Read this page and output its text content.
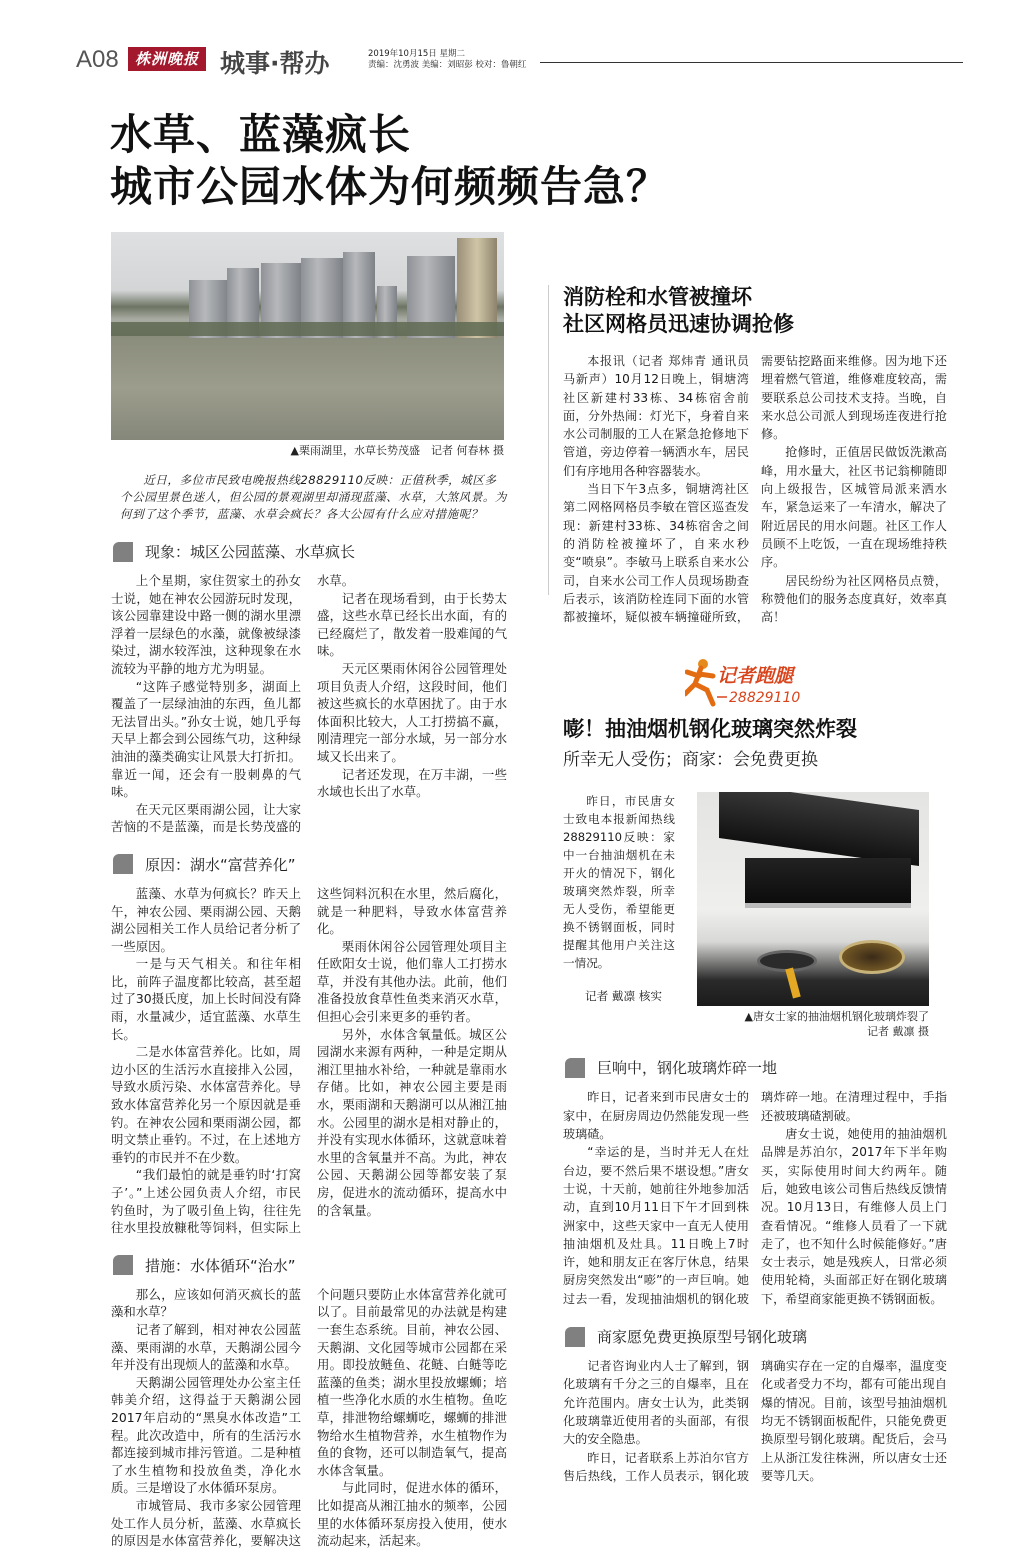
A08	株洲晚报 城事·帮办	2019年10月15日 星期二
责编：沈勇波 美编：刘昭彭 校对：鲁朝红
水草、蓝藻疯长
城市公园水体为何频频告急？
▲栗雨湖里，水草长势茂盛　记者 何春林 摄
近日，多位市民致电晚报热线28829110反映：正值秋季，城区多个公园里景色迷人，但公园的景观湖里却涌现蓝藻、水草，大煞风景。为何到了这个季节，蓝藻、水草会疯长？各大公园有什么应对措施呢？
现象：城区公园蓝藻、水草疯长

上个星期，家住贺家土的孙女士说，她在神农公园游玩时发现，该公园靠建设中路一侧的湖水里漂浮着一层绿色的水藻，就像被绿漆染过，湖水较浑浊，这种现象在水流较为平静的地方尤为明显。

“这阵子感觉特别多，湖面上覆盖了一层绿油油的东西，鱼儿都无法冒出头。”孙女士说，她几乎每天早上都会到公园练气功，这种绿油油的藻类确实让风景大打折扣。靠近一闻，还会有一股刺鼻的气味。

在天元区栗雨湖公园，让大家苦恼的不是蓝藻，而是长势茂盛的水草。

记者在现场看到，由于长势太盛，这些水草已经长出水面，有的已经腐烂了，散发着一股难闻的气味。

天元区栗雨休闲谷公园管理处项目负责人介绍，这段时间，他们被这些疯长的水草困扰了。由于水体面积比较大，人工打捞搞不赢，刚清理完一部分水域，另一部分水域又长出来了。

记者还发现，在万丰湖，一些水域也长出了水草。

原因：湖水“富营养化”

蓝藻、水草为何疯长？昨天上午，神农公园、栗雨湖公园、天鹅湖公园相关工作人员给记者分析了一些原因。

一是与天气相关。和往年相比，前阵子温度都比较高，甚至超过了30摄氏度，加上长时间没有降雨，水量减少，适宜蓝藻、水草生长。

二是水体富营养化。比如，周边小区的生活污水直接排入公园，导致水质污染、水体富营养化。导致水体富营养化另一个原因就是垂钓。在神农公园和栗雨湖公园，都明文禁止垂钓。不过，在上述地方垂钓的市民并不在少数。

“我们最怕的就是垂钓时‘打窝子’。”上述公园负责人介绍，市民钓鱼时，为了吸引鱼上钩，往往先往水里投放糠秕等饲料，但实际上这些饲料沉积在水里，然后腐化，就是一种肥料，导致水体富营养化。

栗雨休闲谷公园管理处项目主任欧阳女士说，他们靠人工打捞水草，并没有其他办法。此前，他们准备投放食草性鱼类来消灭水草，但担心会引来更多的垂钓者。

另外，水体含氧量低。城区公园湖水来源有两种，一种是定期从湘江里抽水补给，一种就是靠雨水存储。比如，神农公园主要是雨水，栗雨湖和天鹅湖可以从湘江抽水。公园里的湖水是相对静止的，并没有实现水体循环，这就意味着水里的含氧量并不高。为此，神农公园、天鹅湖公园等都安装了泵房，促进水的流动循环，提高水中的含氧量。

措施：水体循环“治水”

那么，应该如何消灭疯长的蓝藻和水草？

记者了解到，相对神农公园蓝藻、栗雨湖的水草，天鹅湖公园今年并没有出现烦人的蓝藻和水草。

天鹅湖公园管理处办公室主任韩美介绍，这得益于天鹅湖公园2017年启动的“黑臭水体改造”工程。此次改造中，所有的生活污水都连接到城市排污管道。二是种植了水生植物和投放鱼类，净化水质。三是增设了水体循环泵房。

市城管局、我市多家公园管理处工作人员分析，蓝藻、水草疯长的原因是水体富营养化，要解决这个问题只要防止水体富营养化就可以了。目前最常见的办法就是构建一套生态系统。目前，神农公园、天鹅湖、文化园等城市公园都在采用。即投放鲢鱼、花鲢、白鲢等吃蓝藻的鱼类；湖水里投放螺蛳；培植一些净化水质的水生植物。鱼吃草，排泄物给螺蛳吃，螺蛳的排泄物给水生植物营养，水生植物作为鱼的食物，还可以制造氧气，提高水体含氧量。

与此同时，促进水体的循环，比如提高从湘江抽水的频率，公园里的水体循环泵房投入使用，使水流动起来，活起来。

消防栓和水管被撞坏
社区网格员迅速协调抢修

本报讯（记者 郑炜青 通讯员 马新声）10月12日晚上，铜塘湾社区新建村33栋、34栋宿舍前面，分外热闹：灯光下，身着自来水公司制服的工人在紧急抢修地下管道，旁边停着一辆洒水车，居民们有序地用各种容器装水。

当日下午3点多，铜塘湾社区第二网格网格员李敏在管区巡查发现：新建村33栋、34栋宿舍之间的消防栓被撞坏了，自来水秒变“喷泉”。李敏马上联系自来水公司，自来水公司工作人员现场勘查后表示，该消防栓连同下面的水管都被撞坏，疑似被车辆撞碰所致，需要钻挖路面来维修。因为地下还埋着燃气管道，维修难度较高，需要联系总公司技术支持。当晚，自来水总公司派人到现场连夜进行抢修。

抢修时，正值居民做饭洗漱高峰，用水量大，社区书记翁柳随即向上级报告，区城管局派来洒水车，紧急运来了一车清水，解决了附近居民的用水问题。社区工作人员顾不上吃饭，一直在现场维持秩序。

居民纷纷为社区网格员点赞，称赞他们的服务态度真好，效率真高！

记者跑腿
28829110
嘭！抽油烟机钢化玻璃突然炸裂
所幸无人受伤；商家：会免费更换
昨日，市民唐女士致电本报新闻热线28829110反映：家中一台抽油烟机在未开火的情况下，钢化玻璃突然炸裂，所幸无人受伤，希望能更换不锈钢面板，同时提醒其他用户关注这一情况。
记者 戴凛 核实
▲唐女士家的抽油烟机钢化玻璃炸裂了
记者 戴凛 摄
巨响中，钢化玻璃炸碎一地

昨日，记者来到市民唐女士的家中，在厨房周边仍然能发现一些玻璃碴。

“幸运的是，当时并无人在灶台边，要不然后果不堪设想。”唐女士说，十天前，她前往外地参加活动，直到10月11日下午才回到株洲家中，这些天家中一直无人使用抽油烟机及灶具。11日晚上7时许，她和朋友正在客厅休息，结果厨房突然发出“嘭”的一声巨响。她过去一看，发现抽油烟机的钢化玻璃炸碎一地。在清理过程中，手指还被玻璃碴割破。

唐女士说，她使用的抽油烟机品牌是苏泊尔，2017年下半年购买，实际使用时间大约两年。随后，她致电该公司售后热线反馈情况。10月13日，有维修人员上门查看情况。“维修人员看了一下就走了，也不知什么时候能修好。”唐女士表示，她是残疾人，日常必须使用轮椅，头面部正好在钢化玻璃下，希望商家能更换不锈钢面板。

商家愿免费更换原型号钢化玻璃

记者咨询业内人士了解到，钢化玻璃有千分之三的自爆率，且在允许范围内。唐女士认为，此类钢化玻璃靠近使用者的头面部，有很大的安全隐患。

昨日，记者联系上苏泊尔官方售后热线，工作人员表示，钢化玻璃确实存在一定的自爆率，温度变化或者受力不均，都有可能出现自爆的情况。目前，该型号抽油烟机均无不锈钢面板配件，只能免费更换原型号钢化玻璃。配货后，会马上从浙江发往株洲，所以唐女士还要等几天。
